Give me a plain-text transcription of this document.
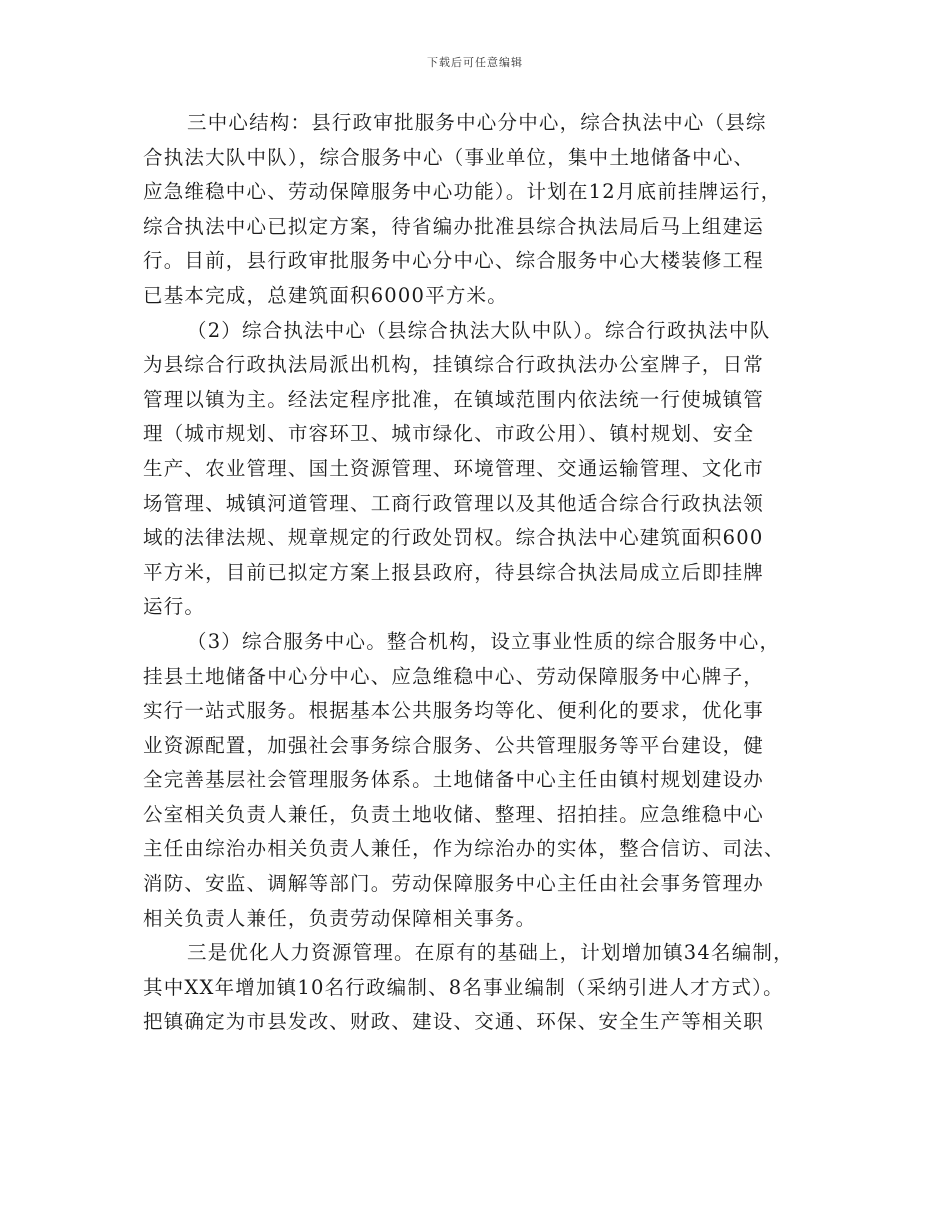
下载后可任意编辑

三中心结构：县行政审批服务中心分中心，综合执法中心（县综
合执法大队中队），综合服务中心（事业单位，集中土地储备中心、
应急维稳中心、劳动保障服务中心功能）。计划在12月底前挂牌运行，
综合执法中心已拟定方案，待省编办批准县综合执法局后马上组建运
行。目前，县行政审批服务中心分中心、综合服务中心大楼装修工程
已基本完成，总建筑面积6000平方米。

（2）综合执法中心（县综合执法大队中队）。综合行政执法中队
为县综合行政执法局派出机构，挂镇综合行政执法办公室牌子，日常
管理以镇为主。经法定程序批准，在镇域范围内依法统一行使城镇管
理（城市规划、市容环卫、城市绿化、市政公用）、镇村规划、安全
生产、农业管理、国土资源管理、环境管理、交通运输管理、文化市
场管理、城镇河道管理、工商行政管理以及其他适合综合行政执法领
域的法律法规、规章规定的行政处罚权。综合执法中心建筑面积600
平方米，目前已拟定方案上报县政府，待县综合执法局成立后即挂牌
运行。

（3）综合服务中心。整合机构，设立事业性质的综合服务中心，
挂县土地储备中心分中心、应急维稳中心、劳动保障服务中心牌子，
实行一站式服务。根据基本公共服务均等化、便利化的要求，优化事
业资源配置，加强社会事务综合服务、公共管理服务等平台建设，健
全完善基层社会管理服务体系。土地储备中心主任由镇村规划建设办
公室相关负责人兼任，负责土地收储、整理、招拍挂。应急维稳中心
主任由综治办相关负责人兼任，作为综治办的实体，整合信访、司法、
消防、安监、调解等部门。劳动保障服务中心主任由社会事务管理办
相关负责人兼任，负责劳动保障相关事务。

三是优化人力资源管理。在原有的基础上，计划增加镇34名编制，
其中XX年增加镇10名行政编制、8名事业编制（采纳引进人才方式）。
把镇确定为市县发改、财政、建设、交通、环保、安全生产等相关职
